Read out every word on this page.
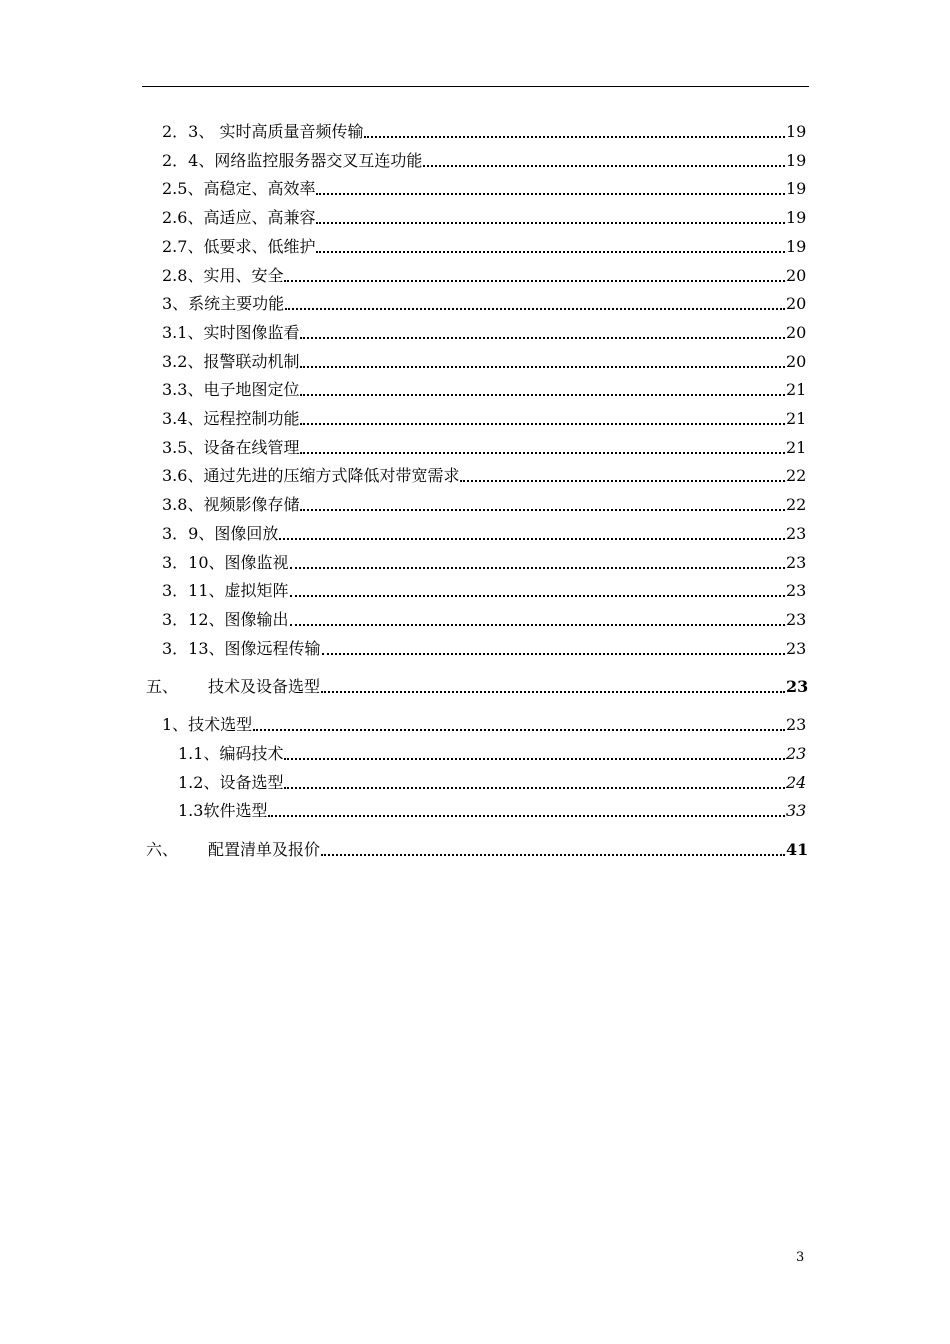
2．3、 实时高质量音频传输	19
2．4、网络监控服务器交叉互连功能	19
2.5、高稳定、高效率	19
2.6、高适应、高兼容	19
2.7、低要求、低维护	19
2.8、实用、安全	20
3、系统主要功能	20
3.1、实时图像监看	20
3.2、报警联动机制	20
3.3、电子地图定位	21
3.4、远程控制功能	21
3.5、设备在线管理	21
3.6、通过先进的压缩方式降低对带宽需求	22
3.8、视频影像存储	22
3．9、图像回放	23
3．10、图像监视	23
3．11、虚拟矩阵	23
3．12、图像输出	23
3．13、图像远程传输	23
五、 技术及设备选型	23
1、技术选型	23
1.1、编码技术	23
1.2、设备选型	24
1.3软件选型	33
六、 配置清单及报价	41
3
